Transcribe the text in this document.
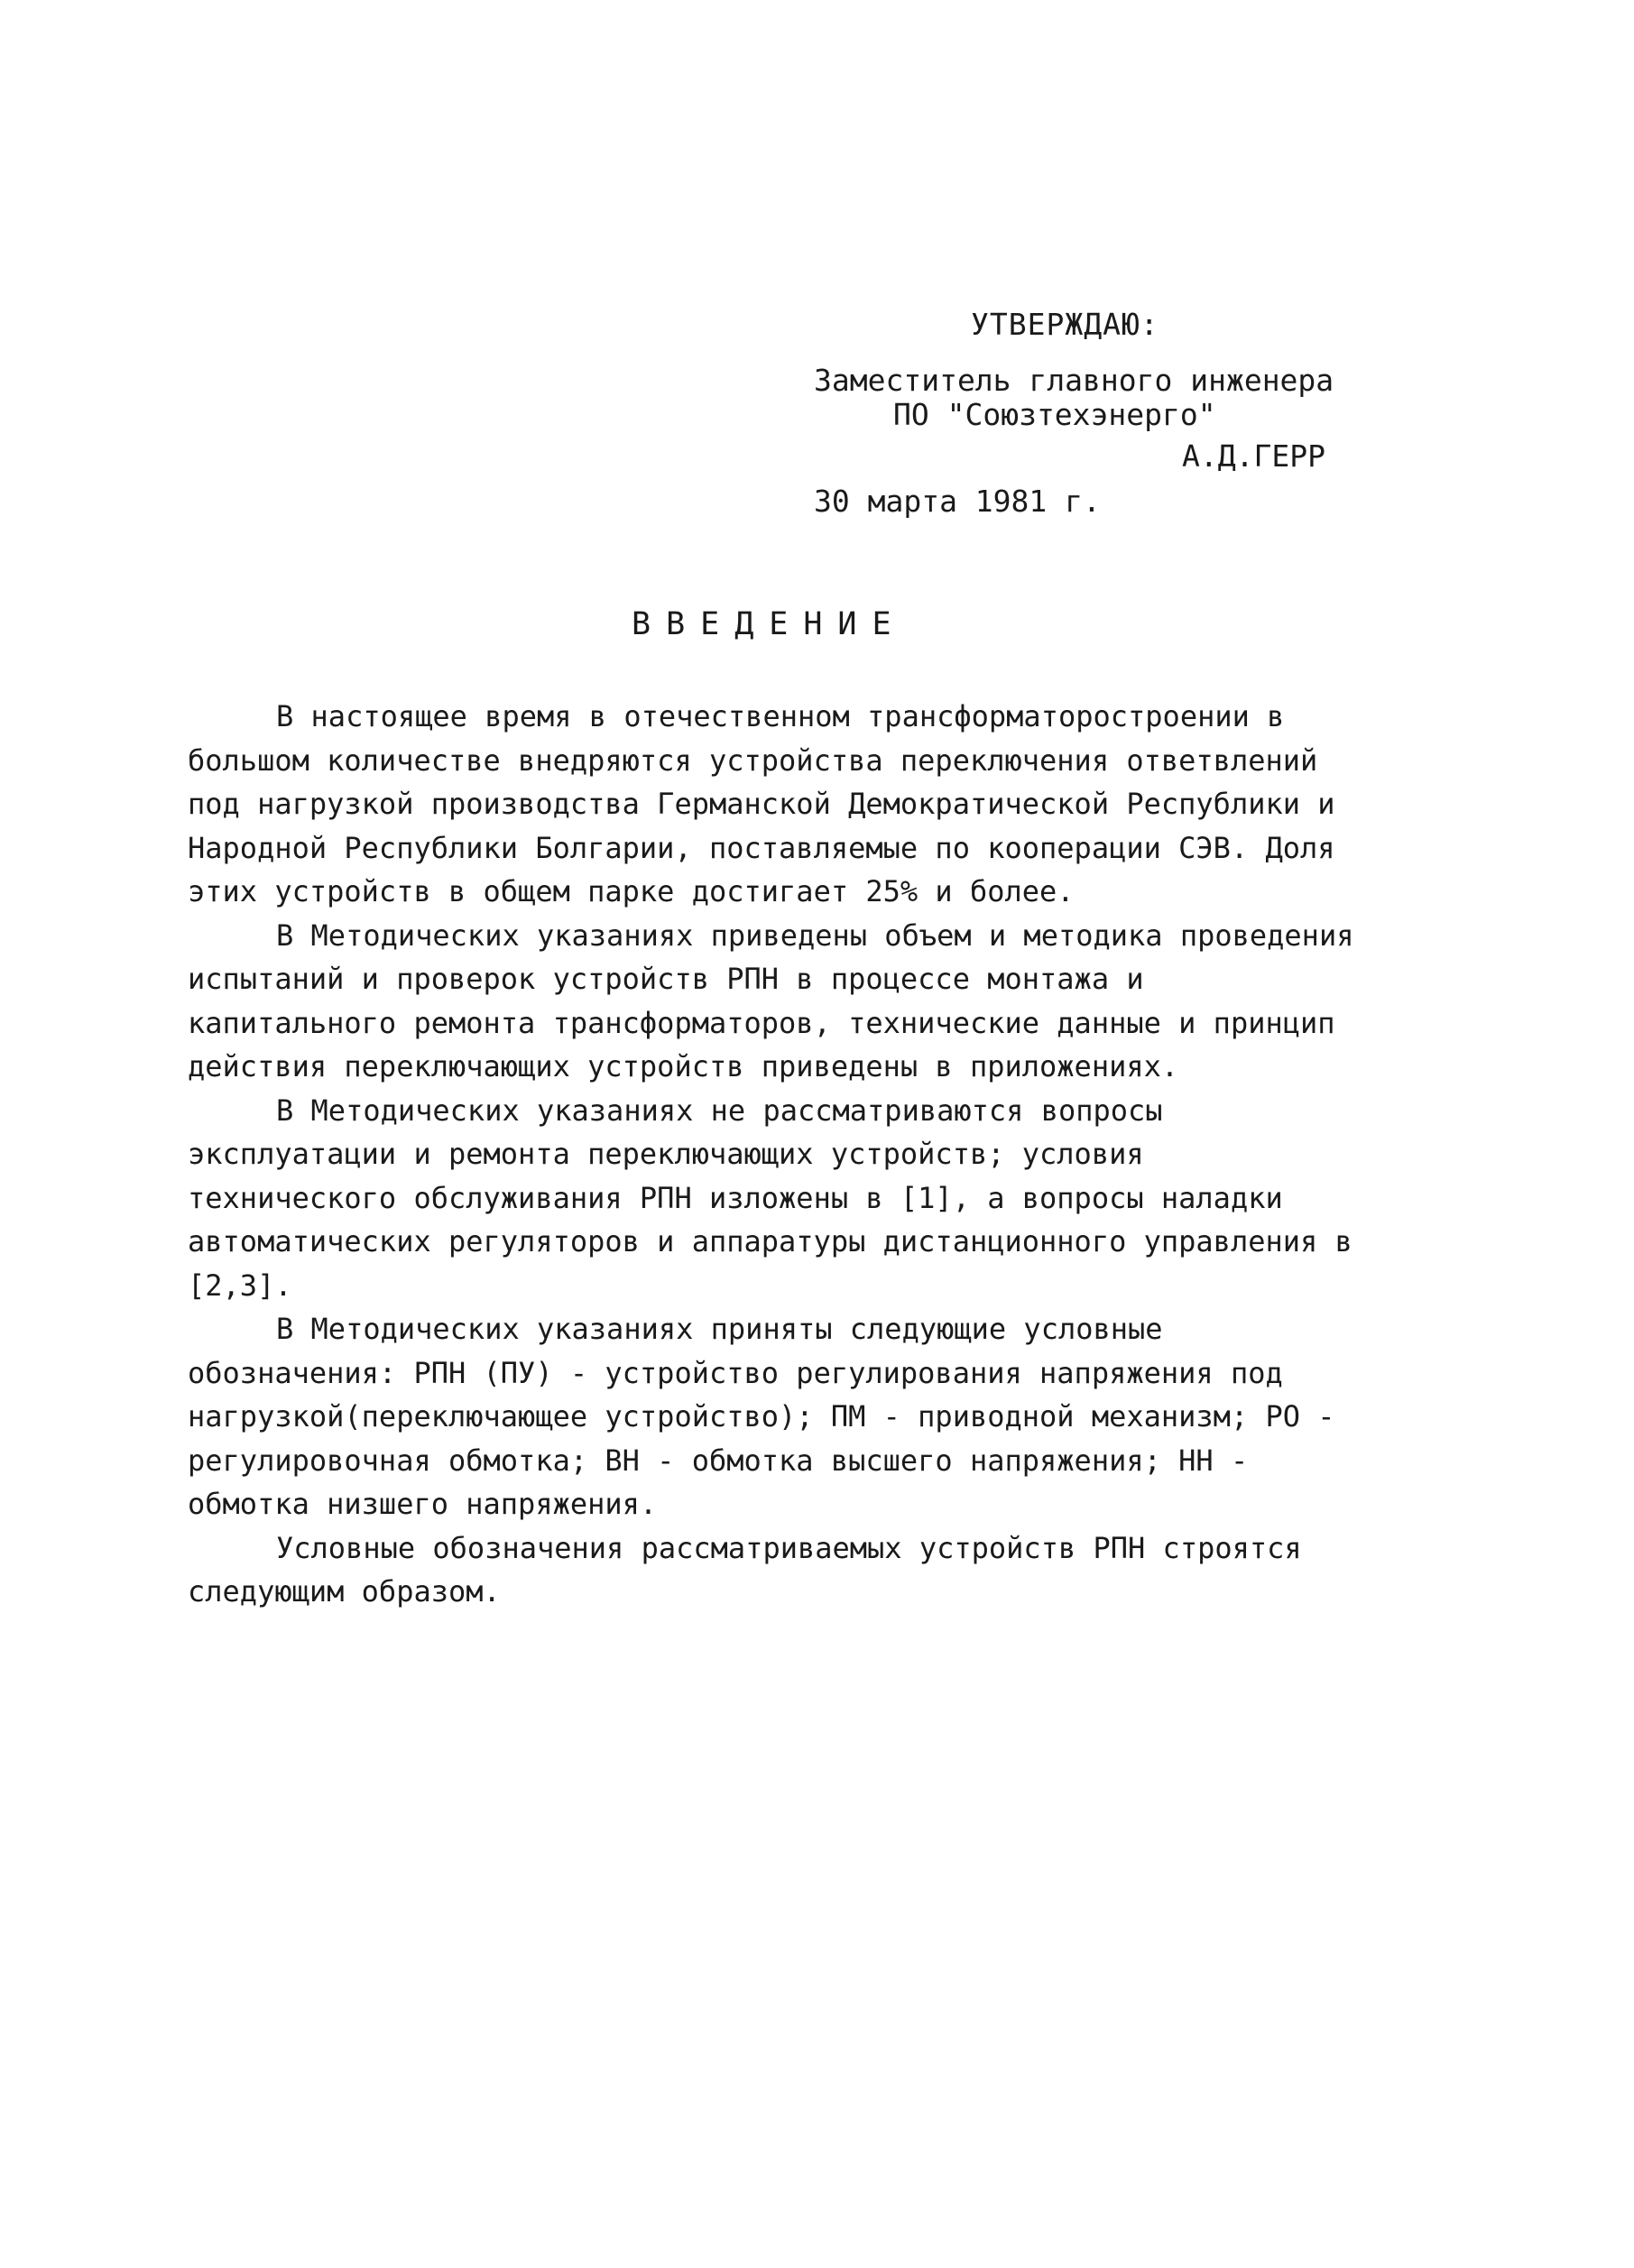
УТВЕРЖДАЮ:
Заместитель главного инженера
ПО "Союзтехэнерго"
А.Д.ГЕРР
30 марта 1981 г.
ВВЕДЕНИЕ

В настоящее время в отечественном трансформаторостроении в большом количестве внедряются устройства переключения ответвлений под нагрузкой производства Германской Демократической Республики и Народной Республики Болгарии, поставляемые по кооперации СЭВ. Доля этих устройств в общем парке достигает 25% и более.

В Методических указаниях приведены объем и методика проведения испытаний и проверок устройств РПН в процессе монтажа и капитального ремонта трансформаторов, технические данные и принцип действия переключающих устройств приведены в приложениях.

В Методических указаниях не рассматриваются вопросы эксплуатации и ремонта переключающих устройств; условия технического обслуживания РПН изложены в [1], а вопросы наладки автоматических регуляторов и аппаратуры дистанционного управления в [2,3].

В Методических указаниях приняты следующие условные обозначения: РПН (ПУ) - устройство регулирования напряжения под нагрузкой(переключающее устройство); ПМ - приводной механизм; РО - регулировочная обмотка; ВН - обмотка высшего напряжения; НН - обмотка низшего напряжения.

Условные обозначения рассматриваемых устройств РПН строятся следующим образом.
